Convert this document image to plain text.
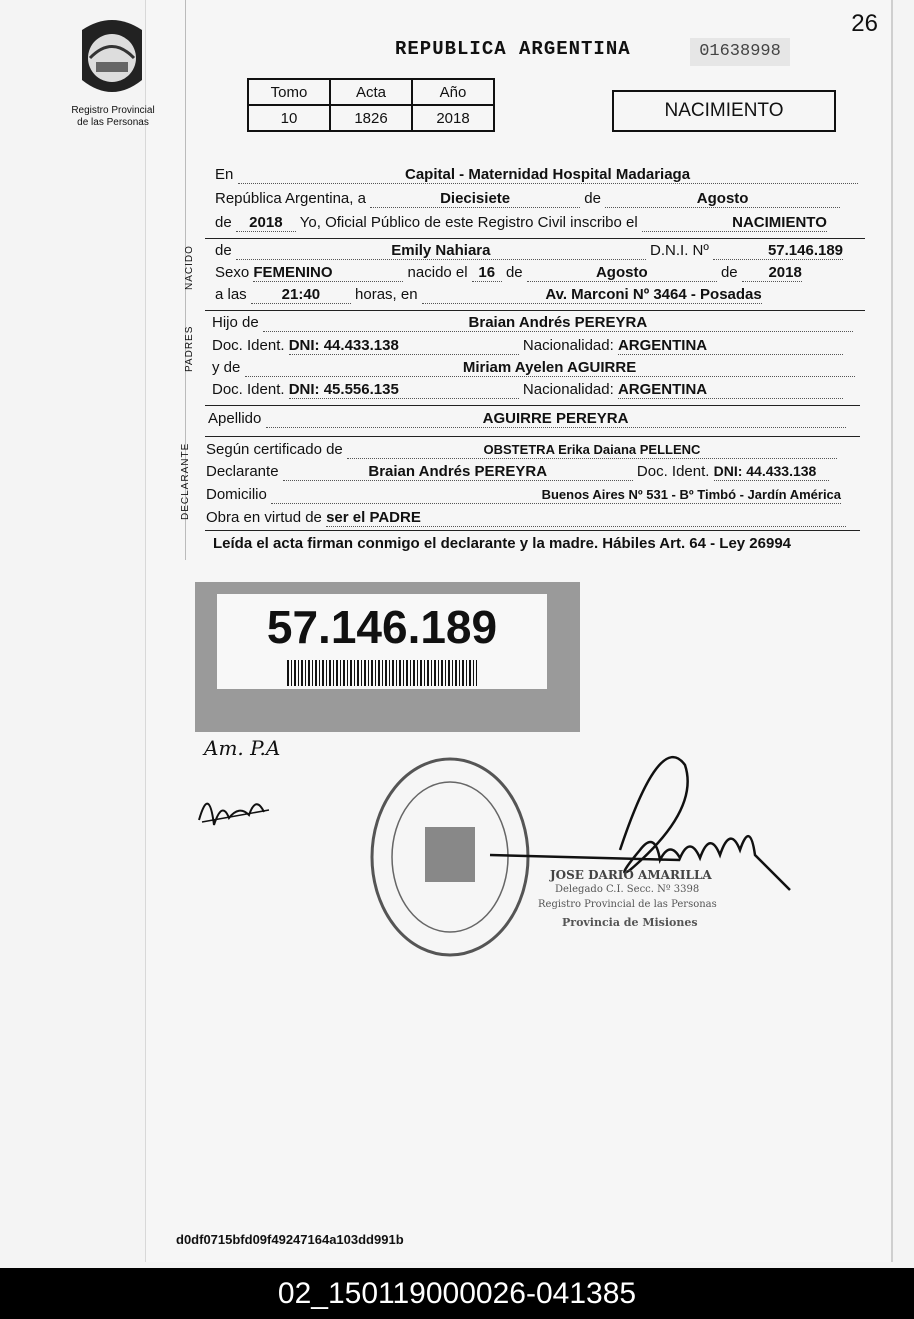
26
Registro Provincial
de las Personas
REPUBLICA ARGENTINA	01638998
Tomo	Acta	Año
10	1826	2018	NACIMIENTO
En	Capital - Maternidad Hospital Madariaga
República Argentina, a	Diecisiete	de	Agosto
de 2018 Yo, Oficial Público de este Registro Civil inscribo el	NACIMIENTO
NACIDO de	Emily Nahiara	D.N.I. Nº	57.146.189
Sexo FEMENINO	nacido el 16 de	Agosto	de 2018
a las 21:40 horas, en	Av. Marconi Nº 3464 - Posadas
PADRES
Hijo de	Braian Andrés PEREYRA
Doc. Ident. DNI: 44.433.138	Nacionalidad: ARGENTINA
y de	Miriam Ayelen AGUIRRE
Doc. Ident. DNI: 45.556.135	Nacionalidad: ARGENTINA
Apellido	AGUIRRE PEREYRA
DECLARANTE Según certificado de	OBSTETRA Erika Daiana PELLENC
Declarante	Braian Andrés PEREYRA	Doc. Ident. DNI: 44.433.138
Domicilio	Buenos Aires Nº 531 - Bº Timbó - Jardín América
Obra en virtud de ser el PADRE
Leída el acta firman conmigo el declarante y la madre. Hábiles Art. 64 - Ley 26994
57.146.189
Am. P.A
JOSE DARIO AMARILLA
Delegado C.I. Secc. Nº 3398
Registro Provincial de las Personas
Provincia de Misiones
d0df0715bfd09f49247164a103dd991b
02_150119000026-041385
